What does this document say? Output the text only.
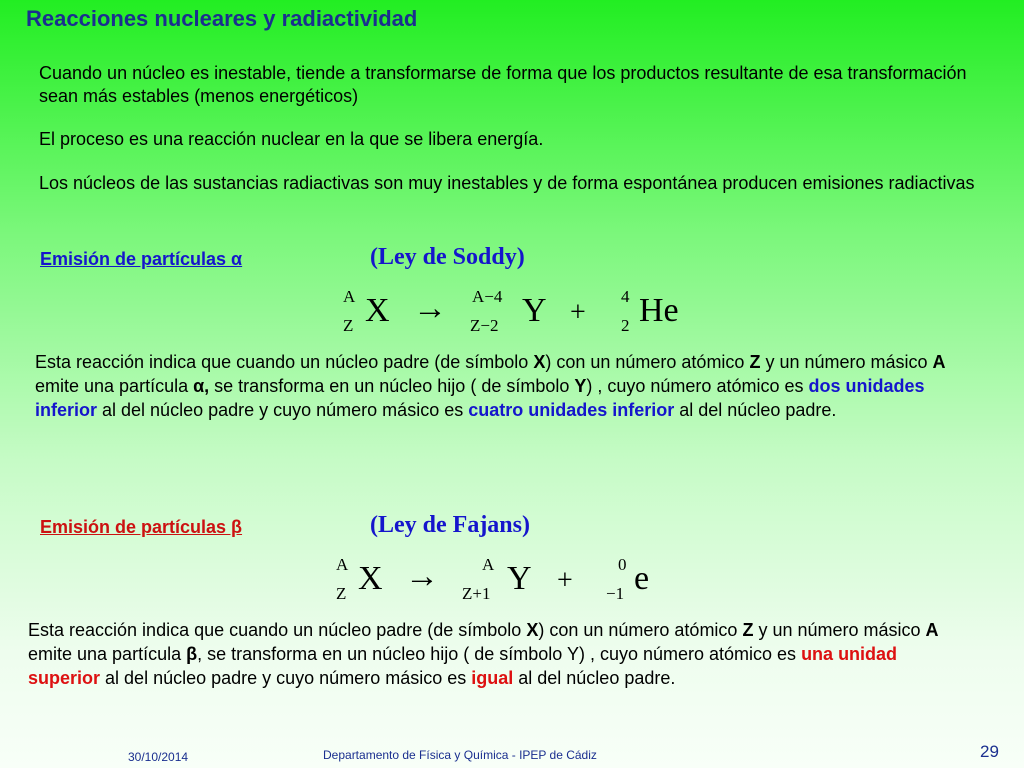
Reacciones nucleares y radiactividad
Cuando un núcleo es inestable, tiende a transformarse de forma que los productos resultante de esa transformación sean más estables (menos energéticos)
El proceso es una reacción nuclear en la que se libera energía.
Los núcleos de las sustancias radiactivas son muy inestables y de forma espontánea producen emisiones radiactivas
Emisión de partículas α	(Ley de Soddy)
A
Z X → A−4
Z−2 Y +
4
2 He
Esta reacción indica que cuando un núcleo padre (de símbolo X) con un número atómico Z y un número másico A emite una partícula α, se transforma en un núcleo hijo ( de símbolo Y) , cuyo número atómico es dos unidades inferior al del núcleo padre y cuyo número másico es cuatro unidades inferior al del núcleo padre.
Emisión de partículas β	(Ley de Fajans)
A
Z X →	A
Z+1 Y +
0
−1 e
Esta reacción indica que cuando un núcleo padre (de símbolo X) con un número atómico Z y un número másico A emite una partícula β, se transforma en un núcleo hijo ( de símbolo Y) , cuyo número atómico es una unidad superior al del núcleo padre y cuyo número másico es igual al del núcleo padre.
30/10/2014	Departamento de Física y Química - IPEP de Cádiz	29
